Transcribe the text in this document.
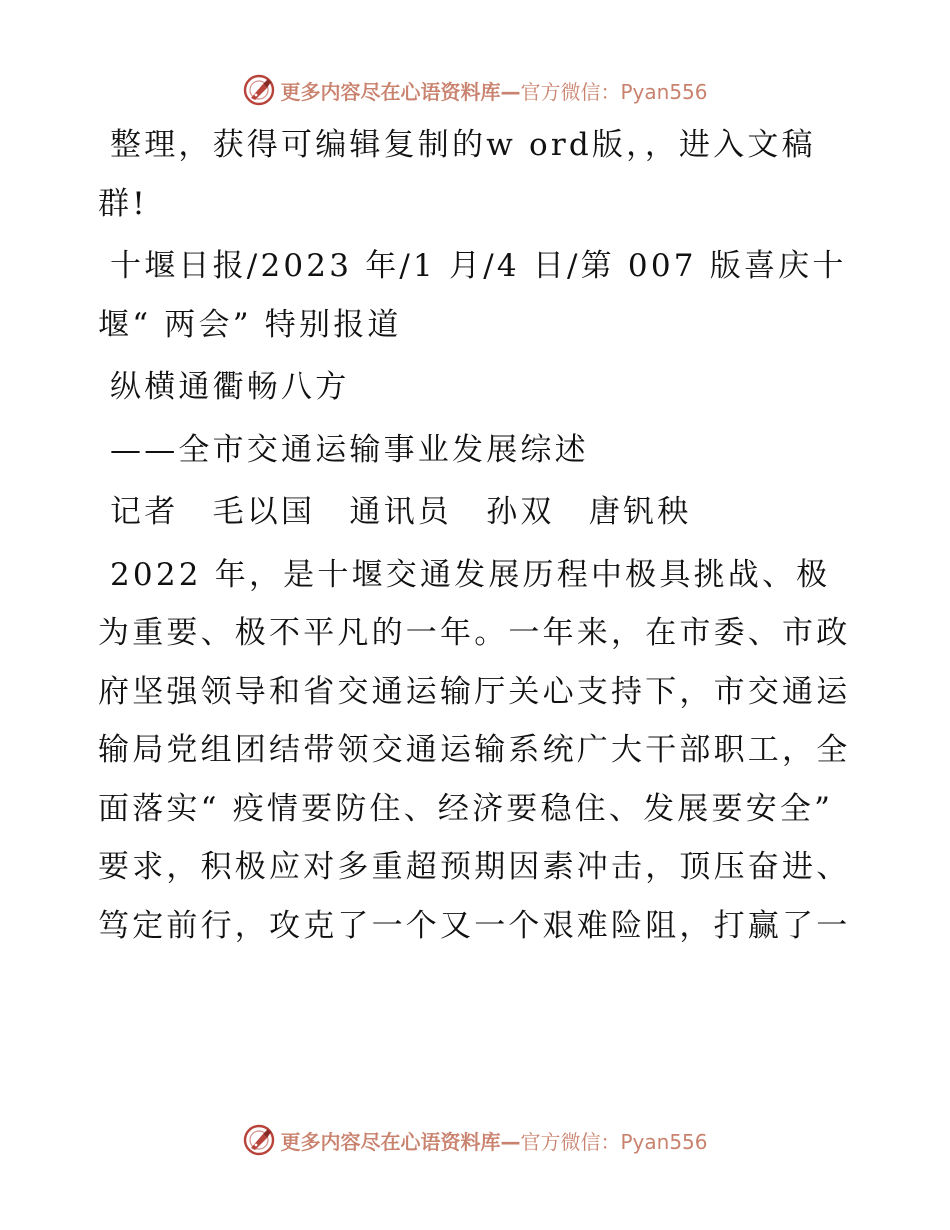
更多内容尽在心语资料库—官方微信：Pyan556

整理，获得可编辑复制的w ord版，，进入文稿群!

十堰日报/2023 年/1 月/4 日/第 007 版喜庆十堰“ 两会” 特别报道

纵横通衢畅八方

——全市交通运输事业发展综述

记者　毛以国　通讯员　孙双　唐钒秧

2022 年，是十堰交通发展历程中极具挑战、极为重要、极不平凡的一年。一年来，在市委、市政府坚强领导和省交通运输厅关心支持下，市交通运输局党组团结带领交通运输系统广大干部职工，全面落实“ 疫情要防住、经济要稳住、发展要安全” 要求，积极应对多重超预期因素冲击，顶压奋进、笃定前行，攻克了一个又一个艰难险阻，打赢了一

更多内容尽在心语资料库—官方微信：Pyan556
